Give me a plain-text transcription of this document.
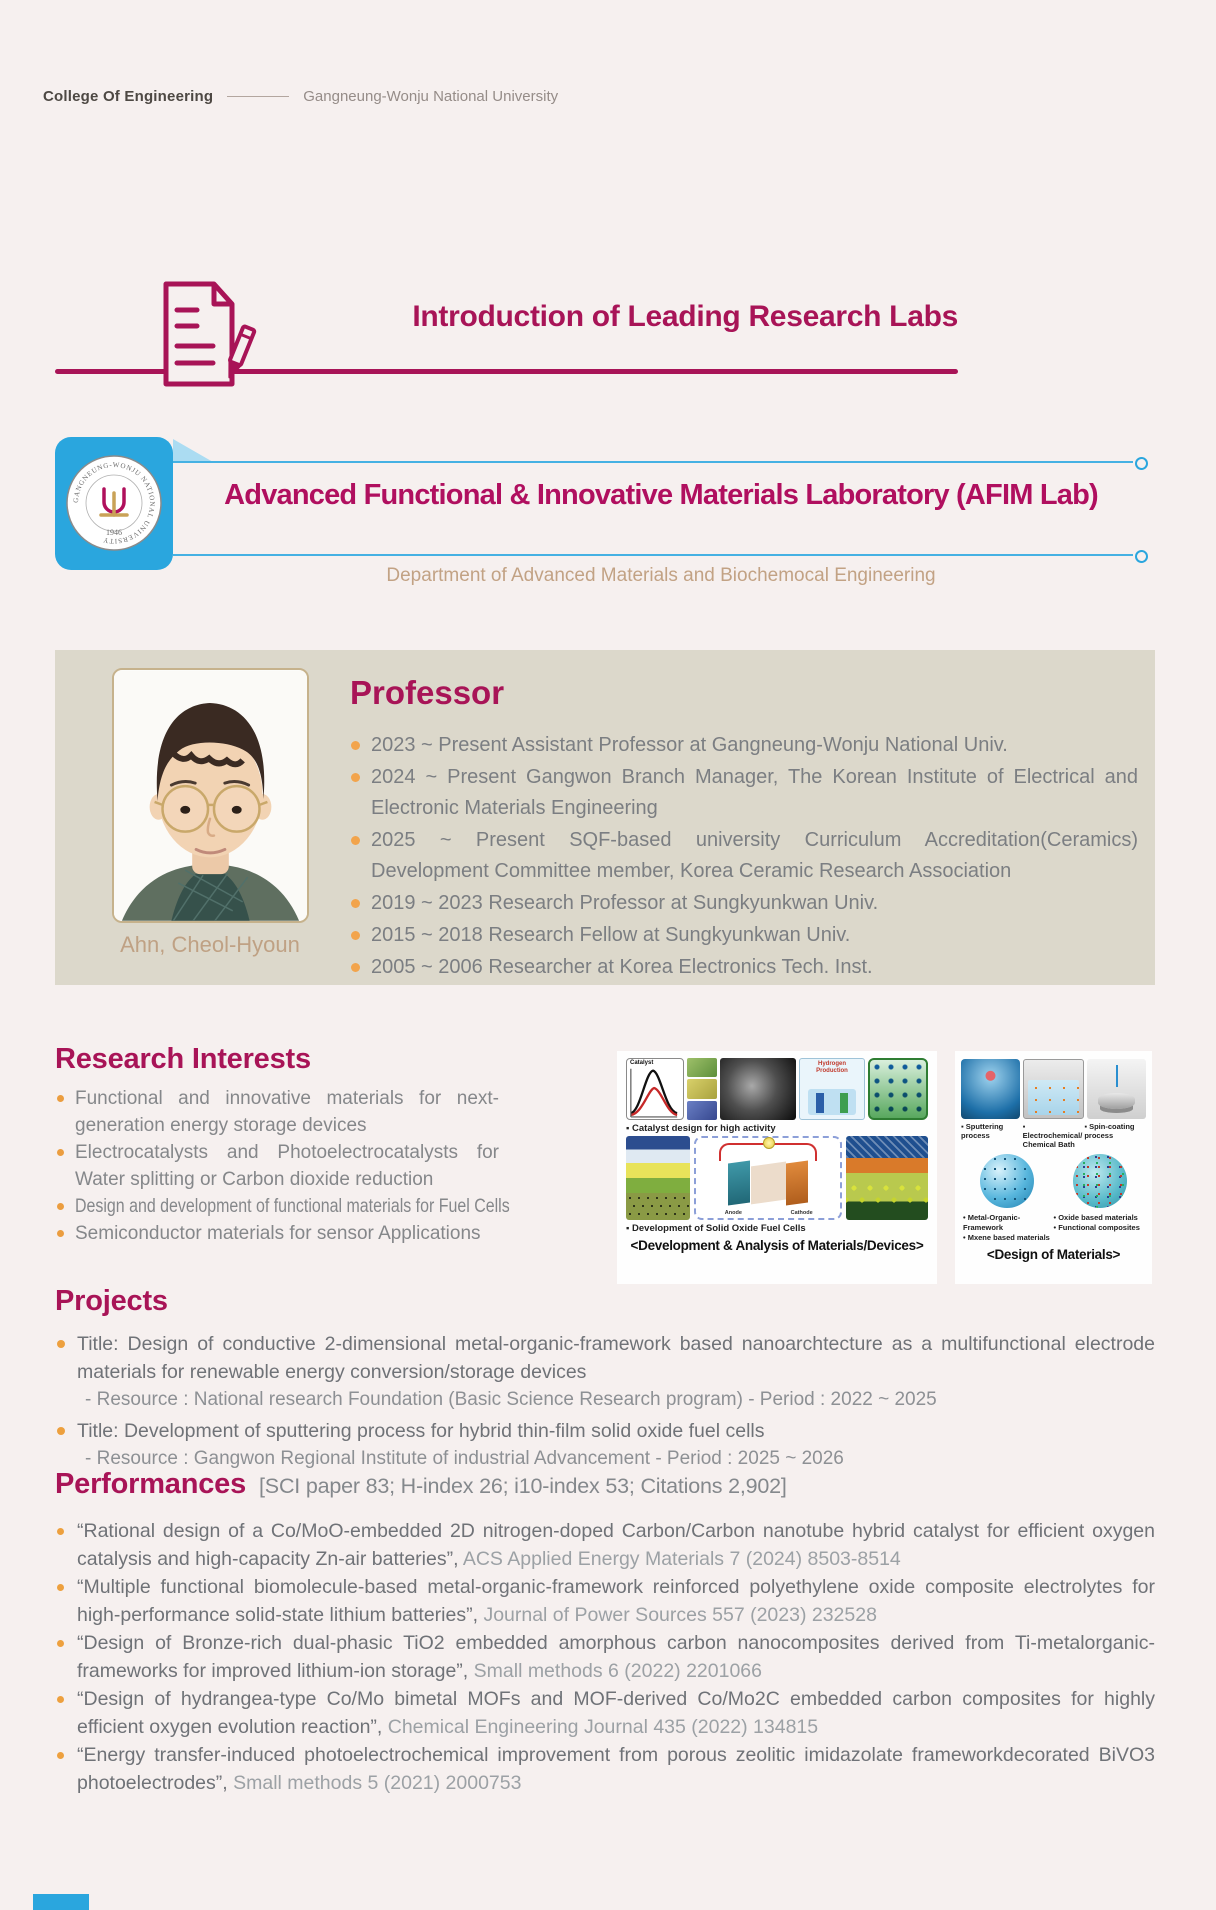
College Of Engineering	Gangneung-Wonju National University
Introduction of Leading Research Labs
GANGNEUNG-WONJU NATIONAL UNIVERSITY
1946
Advanced Functional & Innovative Materials Laboratory (AFIM Lab)
Department of Advanced Materials and Biochemocal Engineering
Ahn, Cheol-Hyoun
Professor
2023 ~ Present Assistant Professor at Gangneung-Wonju National Univ.
2024 ~ Present Gangwon Branch Manager, The Korean Institute of Electrical and Electronic Materials Engineering
2025 ~ Present SQF-based university Curriculum Accreditation(Ceramics) Development Committee member, Korea Ceramic Research Association
2019 ~ 2023 Research Professor at Sungkyunkwan Univ.
2015 ~ 2018 Research Fellow at Sungkyunkwan Univ.
2005 ~ 2006 Researcher at Korea Electronics Tech. Inst.
Research Interests
Functional and innovative materials for next-generation energy storage devices
Electrocatalysts and Photoelectrocatalysts for Water splitting or Carbon dioxide reduction
Design and development of functional materials for Fuel Cells
Semiconductor materials for sensor Applications
Catalyst	Hydrogen Production
▪ Catalyst design for high activity
Anode	Cathode
▪ Development of Solid Oxide Fuel Cells
<Development & Analysis of Materials/Devices>
▪ Sputtering process	▪ Electrochemical/ Chemical Bath
▪ Spin-coating process
• Metal-Organic-Framework
• Mxene based materials
• Oxide based materials
• Functional composites
<Design of Materials>
Projects
Title: Design of conductive 2-dimensional metal-organic-framework based nanoarchtecture as a multifunctional electrode materials for renewable energy conversion/storage devices
- Resource : National research Foundation (Basic Science Research program) - Period : 2022 ~ 2025
Title: Development of sputtering process for hybrid thin-film solid oxide fuel cells
- Resource : Gangwon Regional Institute of industrial Advancement - Period : 2025 ~ 2026
Performances [SCI paper 83; H-index 26; i10-index 53; Citations 2,902]
“Rational design of a Co/MoO-embedded 2D nitrogen-doped Carbon/Carbon nanotube hybrid catalyst for efficient oxygen catalysis and high-capacity Zn-air batteries”, ACS Applied Energy Materials 7 (2024) 8503-8514
“Multiple functional biomolecule-based metal-organic-framework reinforced polyethylene oxide composite electrolytes for high-performance solid-state lithium batteries”, Journal of Power Sources 557 (2023) 232528
“Design of Bronze-rich dual-phasic TiO2 embedded amorphous carbon nanocomposites derived from Ti-metalorganic-frameworks for improved lithium-ion storage”, Small methods 6 (2022) 2201066
“Design of hydrangea-type Co/Mo bimetal MOFs and MOF-derived Co/Mo2C embedded carbon composites for highly efficient oxygen evolution reaction”, Chemical Engineering Journal 435 (2022) 134815
“Energy transfer-induced photoelectrochemical improvement from porous zeolitic imidazolate frameworkdecorated BiVO3 photoelectrodes”, Small methods 5 (2021) 2000753
